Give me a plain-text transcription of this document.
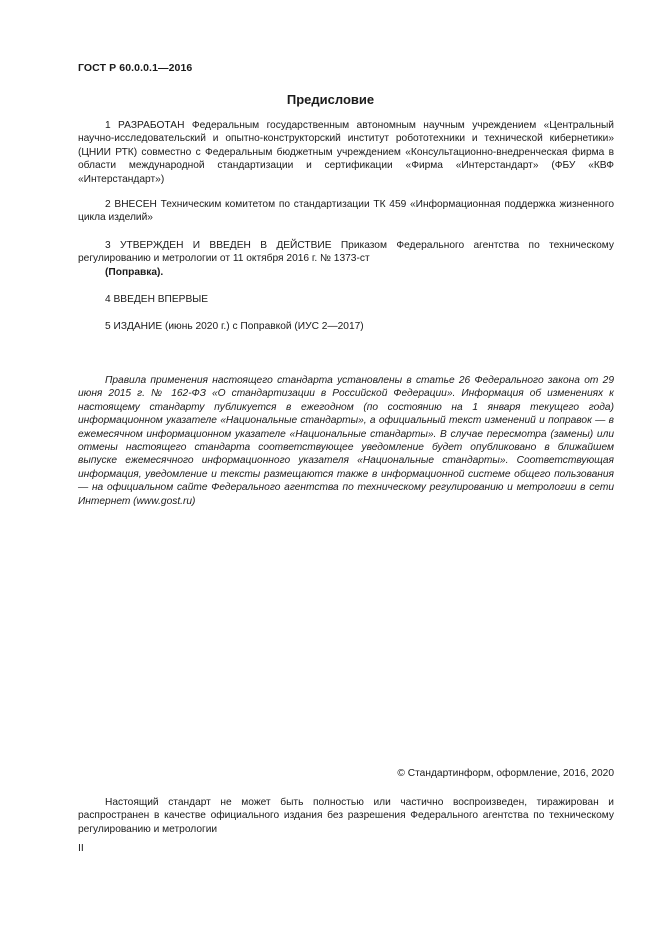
ГОСТ Р 60.0.0.1—2016
Предисловие

1 РАЗРАБОТАН Федеральным государственным автономным научным учреждением «Центральный научно-исследовательский и опытно-конструкторский институт робототехники и технической кибернетики» (ЦНИИ РТК) совместно с Федеральным бюджетным учреждением «Консультационно-внедренческая фирма в области международной стандартизации и сертификации «Фирма «Интерстандарт» (ФБУ «КВФ «Интерстандарт»)

2 ВНЕСЕН Техническим комитетом по стандартизации ТК 459 «Информационная поддержка жизненного цикла изделий»

3 УТВЕРЖДЕН И ВВЕДЕН В ДЕЙСТВИЕ Приказом Федерального агентства по техническому регулированию и метрологии от 11 октября 2016 г. № 1373-ст

(Поправка).

4 ВВЕДЕН ВПЕРВЫЕ

5 ИЗДАНИЕ (июнь 2020 г.) с Поправкой (ИУС 2—2017)

Правила применения настоящего стандарта установлены в статье 26 Федерального закона от 29 июня 2015 г. № 162-ФЗ «О стандартизации в Российской Федерации». Информация об изменениях к настоящему стандарту публикуется в ежегодном (по состоянию на 1 января текущего года) информационном указателе «Национальные стандарты», а официальный текст изменений и поправок — в ежемесячном информационном указателе «Национальные стандарты». В случае пересмотра (замены) или отмены настоящего стандарта соответствующее уведомление будет опубликовано в ближайшем выпуске ежемесячного информационного указателя «Национальные стандарты». Соответствующая информация, уведомление и тексты размещаются также в информационной системе общего пользования — на официальном сайте Федерального агентства по техническому регулированию и метрологии в сети Интернет (www.gost.ru)

© Стандартинформ, оформление, 2016, 2020

Настоящий стандарт не может быть полностью или частично воспроизведен, тиражирован и распространен в качестве официального издания без разрешения Федерального агентства по техническому регулированию и метрологии

II
